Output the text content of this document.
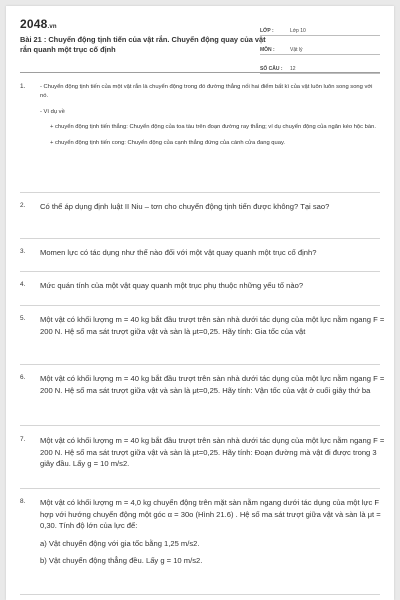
2048.vn
Bài 21 : Chuyển động tịnh tiến của vật rắn. Chuyển động quay của vật rắn quanh một trục cố định
LỚP :	Lớp 10
MÔN :	Vật lý
SỐ CÂU :	12
1.	- Chuyển động tịnh tiến của một vật rắn là chuyển động trong đó đường thẳng nối hai điểm bất kì của vật luôn luôn song song với nó.

- Ví dụ về

+ chuyển động tịnh tiến thẳng: Chuyển động của toa tàu trên đoạn đường ray thẳng; ví dụ chuyển động của ngăn kéo hộc bàn.

+ chuyển động tịnh tiến cong: Chuyển động của cạnh thẳng đứng của cánh cửa đang quay.

2. Có thể áp dụng định luật II Niu – tơn cho chuyển động tịnh tiến được không? Tại sao?
3. Momen lực có tác dụng như thế nào đối với một vật quay quanh một trục cố định?
4. Mức quán tính của một vật quay quanh một trục phụ thuộc những yếu tố nào?
5. Một vật có khối lượng m = 40 kg bắt đầu trượt trên sàn nhà dưới tác dụng của một lực nằm ngang F = 200 N. Hệ số ma sát trượt giữa vật và sàn là μt=0,25. Hãy tính: Gia tốc của vật
6. Một vật có khối lượng m = 40 kg bắt đầu trượt trên sàn nhà dưới tác dụng của một lực nằm ngang F = 200 N. Hệ số ma sát trượt giữa vật và sàn là μt=0,25. Hãy tính: Vận tốc của vật ở cuối giây thứ ba
7. Một vật có khối lượng m = 40 kg bắt đầu trượt trên sàn nhà dưới tác dụng của một lực nằm ngang F = 200 N. Hệ số ma sát trượt giữa vật và sàn là μt=0,25. Hãy tính: Đoạn đường mà vật đi được trong 3 giây đầu. Lấy g = 10 m/s2.
8. Một vật có khối lượng m = 4,0 kg chuyển động trên mặt sàn nằm ngang dưới tác dụng của một lực F hợp với hướng chuyển động một góc α = 30o (Hình 21.6) . Hệ số ma sát trượt giữa vật và sàn là μt = 0,30. Tính độ lớn của lực để:

a) Vật chuyển động với gia tốc bằng 1,25 m/s2.

b) Vật chuyển động thẳng đều. Lấy g = 10 m/s2.
